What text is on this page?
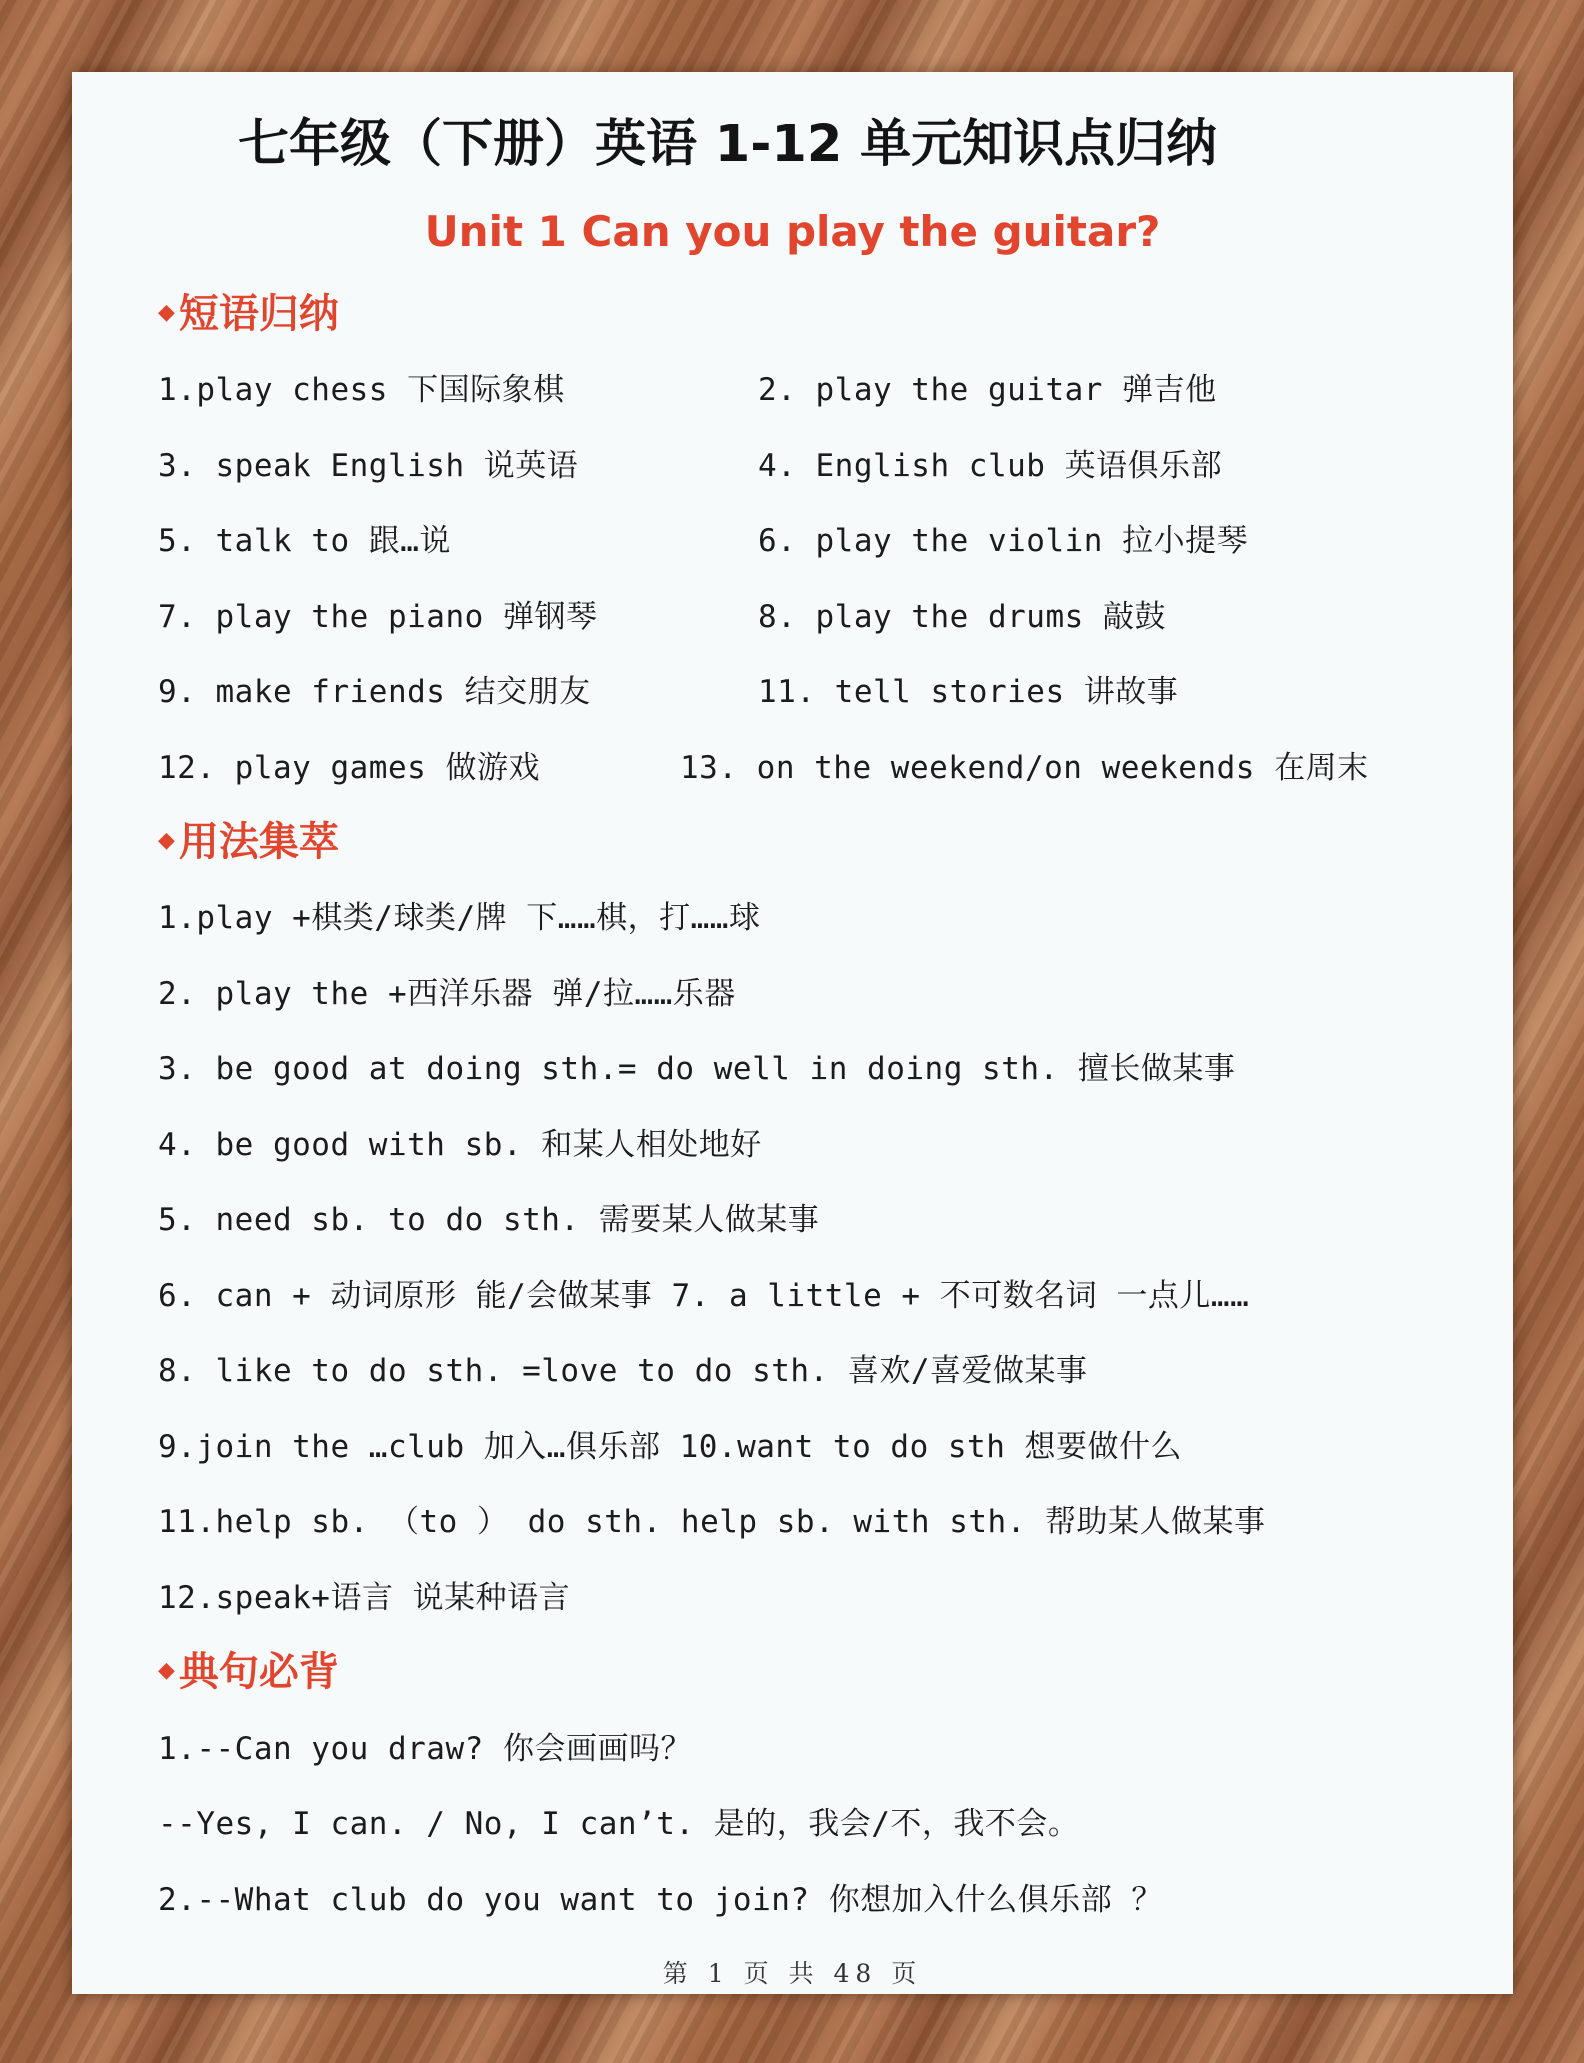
七年级（下册）英语 1-12 单元知识点归纳
Unit 1 Can you play the guitar?
◆ 短语归纳
1.play chess 下国际象棋	2. play the guitar 弹吉他
3. speak English 说英语	4. English club 英语俱乐部
5. talk to 跟…说	6. play the violin 拉小提琴
7. play the piano 弹钢琴	8. play the drums 敲鼓
9. make friends 结交朋友	11. tell stories 讲故事
12. play games 做游戏	13. on the weekend/on weekends 在周末
◆ 用法集萃
1.play +棋类/球类/牌 下……棋，打……球
2. play the +西洋乐器 弹/拉……乐器
3. be good at doing sth.= do well in doing sth. 擅长做某事
4. be good with sb. 和某人相处地好
5. need sb. to do sth. 需要某人做某事
6. can + 动词原形 能/会做某事 7. a little + 不可数名词 一点儿……
8. like to do sth. =love to do sth. 喜欢/喜爱做某事
9.join the …club 加入…俱乐部 10.want to do sth 想要做什么
11.help sb. （to ） do sth. help sb. with sth. 帮助某人做某事
12.speak+语言 说某种语言
◆ 典句必背
1.--Can you draw? 你会画画吗？
--Yes, I can. / No, I can’t. 是的，我会/不，我不会。
2.--What club do you want to join? 你想加入什么俱乐部 ？
第 1 页 共 48 页
